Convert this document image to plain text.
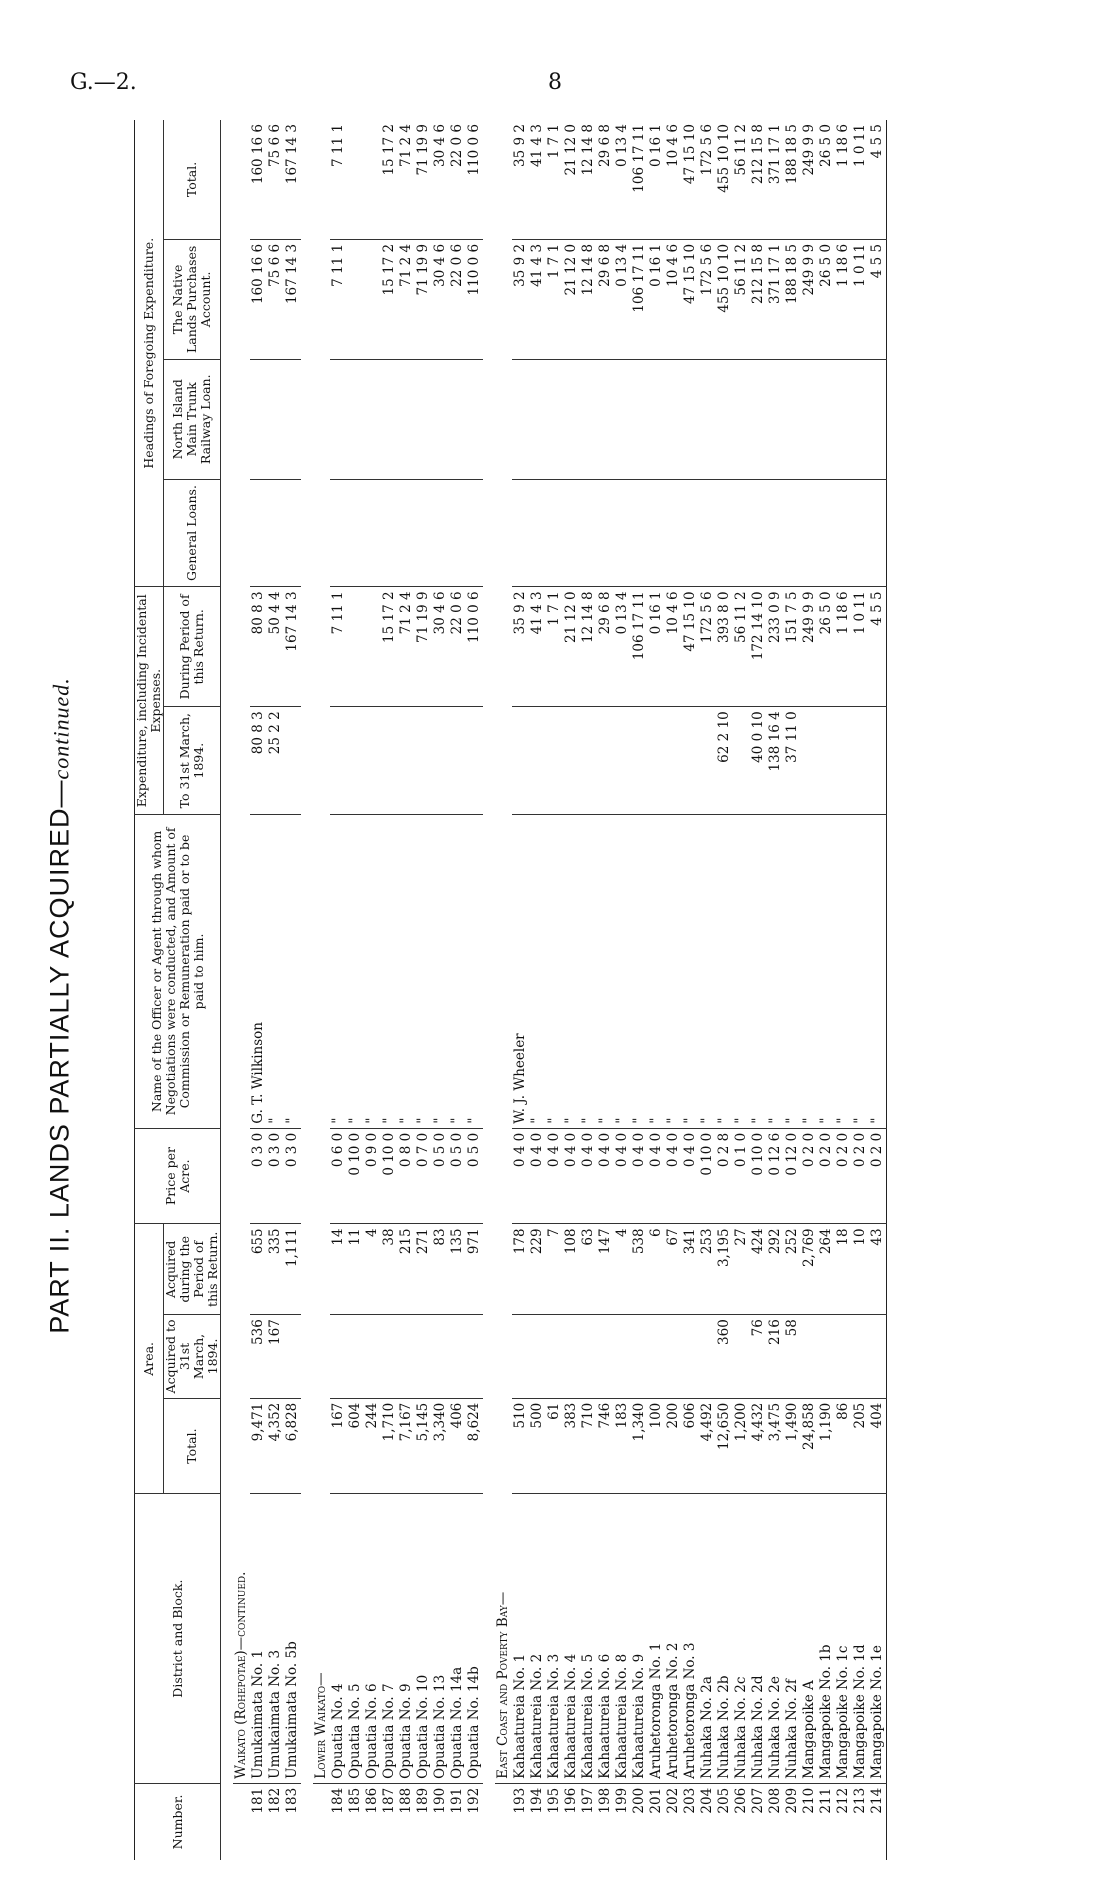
G.—2.	8
PART II. LANDS PARTIALLY ACQUIRED—continued.
Number.	District and Block.	Area.			Price per Acre.	Name of the Officer or Agent through whom Negotiations were conducted, and Amount of Commission or Remuneration paid or to be paid to him.	Expenditure, including Incidental Expenses.		Headings of Foregoing Expenditure.			
		Total.	Acquired to 31st March, 1894.	Acquired during the Period of this Return.			To 31st March, 1894.	During Period of this Return.	General Loans.	North Island Main Trunk Railway Loan.	The Native Lands Purchases Account.	Total.

	Waikato (Rohepotae)—continued.											
181	Umukaimata No. 1	9,471	536	655	0 3 0	G. T. Wilkinson	80 8 3	80 8 3			160 16 6	160 16 6
182	Umukaimata No. 3	4,352	167	335	0 3 0	"	25 2 2	50 4 4			75 6 6	75 6 6
183	Umukaimata No. 5b	6,828		1,111	0 3 0	"		167 14 3			167 14 3	167 14 3

	Lower Waikato—											
184	Opuatia No. 4	167		14	0 6 0	"		7 11 1			7 11 1	7 11 1
185	Opuatia No. 5	604		11	0 10 0	"						
186	Opuatia No. 6	244		4	0 9 0	"						
187	Opuatia No. 7	1,710		38	0 10 0	"		15 17 2			15 17 2	15 17 2
188	Opuatia No. 9	7,167		215	0 8 0	"		71 2 4			71 2 4	71 2 4
189	Opuatia No. 10	5,145		271	0 7 0	"		71 19 9			71 19 9	71 19 9
190	Opuatia No. 13	3,340		83	0 5 0	"		30 4 6			30 4 6	30 4 6
191	Opuatia No. 14a	406		135	0 5 0	"		22 0 6			22 0 6	22 0 6
192	Opuatia No. 14b	8,624		971	0 5 0	"		110 0 6			110 0 6	110 0 6

	East Coast and Poverty Bay—											
193	Kahaatureia No. 1	510		178	0 4 0	W. J. Wheeler		35 9 2			35 9 2	35 9 2
194	Kahaatureia No. 2	500		229	0 4 0	"		41 4 3			41 4 3	41 4 3
195	Kahaatureia No. 3	61		7	0 4 0	"		1 7 1			1 7 1	1 7 1
196	Kahaatureia No. 4	383		108	0 4 0	"		21 12 0			21 12 0	21 12 0
197	Kahaatureia No. 5	710		63	0 4 0	"		12 14 8			12 14 8	12 14 8
198	Kahaatureia No. 6	746		147	0 4 0	"		29 6 8			29 6 8	29 6 8
199	Kahaatureia No. 8	183		4	0 4 0	"		0 13 4			0 13 4	0 13 4
200	Kahaatureia No. 9	1,340		538	0 4 0	"		106 17 11			106 17 11	106 17 11
201	Aruhetoronga No. 1	100		6	0 4 0	"		0 16 1			0 16 1	0 16 1
202	Aruhetoronga No. 2	200		67	0 4 0	"		10 4 6			10 4 6	10 4 6
203	Aruhetoronga No. 3	606		341	0 4 0	"		47 15 10			47 15 10	47 15 10
204	Nuhaka No. 2a	4,492		253	0 10 0	"		172 5 6			172 5 6	172 5 6
205	Nuhaka No. 2b	12,650	360	3,195	0 2 8	"	62 2 10	393 8 0			455 10 10	455 10 10
206	Nuhaka No. 2c	1,200		27	0 1 0	"		56 11 2			56 11 2	56 11 2
207	Nuhaka No. 2d	4,432	76	424	0 10 0	"	40 0 10	172 14 10			212 15 8	212 15 8
208	Nuhaka No. 2e	3,475	216	292	0 12 6	"	138 16 4	233 0 9			371 17 1	371 17 1
209	Nuhaka No. 2f	1,490	58	252	0 12 0	"	37 11 0	151 7 5			188 18 5	188 18 5
210	Mangapoike A	24,858		2,769	0 2 0	"		249 9 9			249 9 9	249 9 9
211	Mangapoike No. 1b	1,190		264	0 2 0	"		26 5 0			26 5 0	26 5 0
212	Mangapoike No. 1c	86		18	0 2 0	"		1 18 6			1 18 6	1 18 6
213	Mangapoike No. 1d	205		10	0 2 0	"		1 0 11			1 0 11	1 0 11
214	Mangapoike No. 1e	404		43	0 2 0	"		4 5 5			4 5 5	4 5 5
